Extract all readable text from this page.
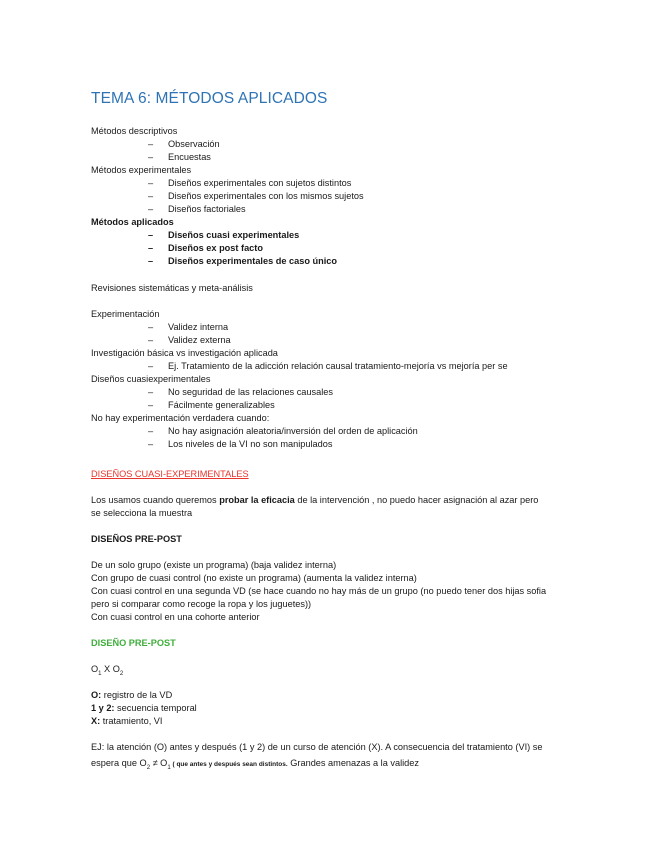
TEMA 6: MÉTODOS APLICADOS
Métodos descriptivos
– Observación
– Encuestas
Métodos experimentales
– Diseños experimentales con sujetos distintos
– Diseños experimentales con los mismos sujetos
– Diseños factoriales
Métodos aplicados
– Diseños cuasi experimentales
– Diseños ex post facto
– Diseños experimentales de caso único
Revisiones sistemáticas y meta-análisis
Experimentación
– Validez interna
– Validez externa
Investigación básica vs investigación aplicada
– Ej. Tratamiento de la adicción relación causal tratamiento-mejoría vs mejoría per se
Diseños cuasiexperimentales
– No seguridad de las relaciones causales
– Fácilmente generalizables
No hay experimentación verdadera cuando:
– No hay asignación aleatoria/inversión del orden de aplicación
– Los niveles de la VI no son manipulados
DISEÑOS CUASI-EXPERIMENTALES
Los usamos cuando queremos probar la eficacia de la intervención , no puedo hacer asignación al azar pero
se selecciona la muestra
DISEÑOS PRE-POST
De un solo grupo (existe un programa) (baja validez interna)
Con grupo de cuasi control (no existe un programa) (aumenta la validez interna)
Con cuasi control en una segunda VD (se hace cuando no hay más de un grupo (no puedo tener dos hijas sofia
pero si comparar como recoge la ropa y los juguetes))
Con cuasi control en una cohorte anterior
DISEÑO PRE-POST
$O_1$ X $O_2$
O: registro de la VD
1 y 2: secuencia temporal
X: tratamiento, VI
EJ: la atención (O) antes y después (1 y 2) de un curso de atención (X). A consecuencia del tratamiento (VI) se
espera que $O_2 \ne O_1$ ( que antes y después sean distintos. Grandes amenazas a la validez
